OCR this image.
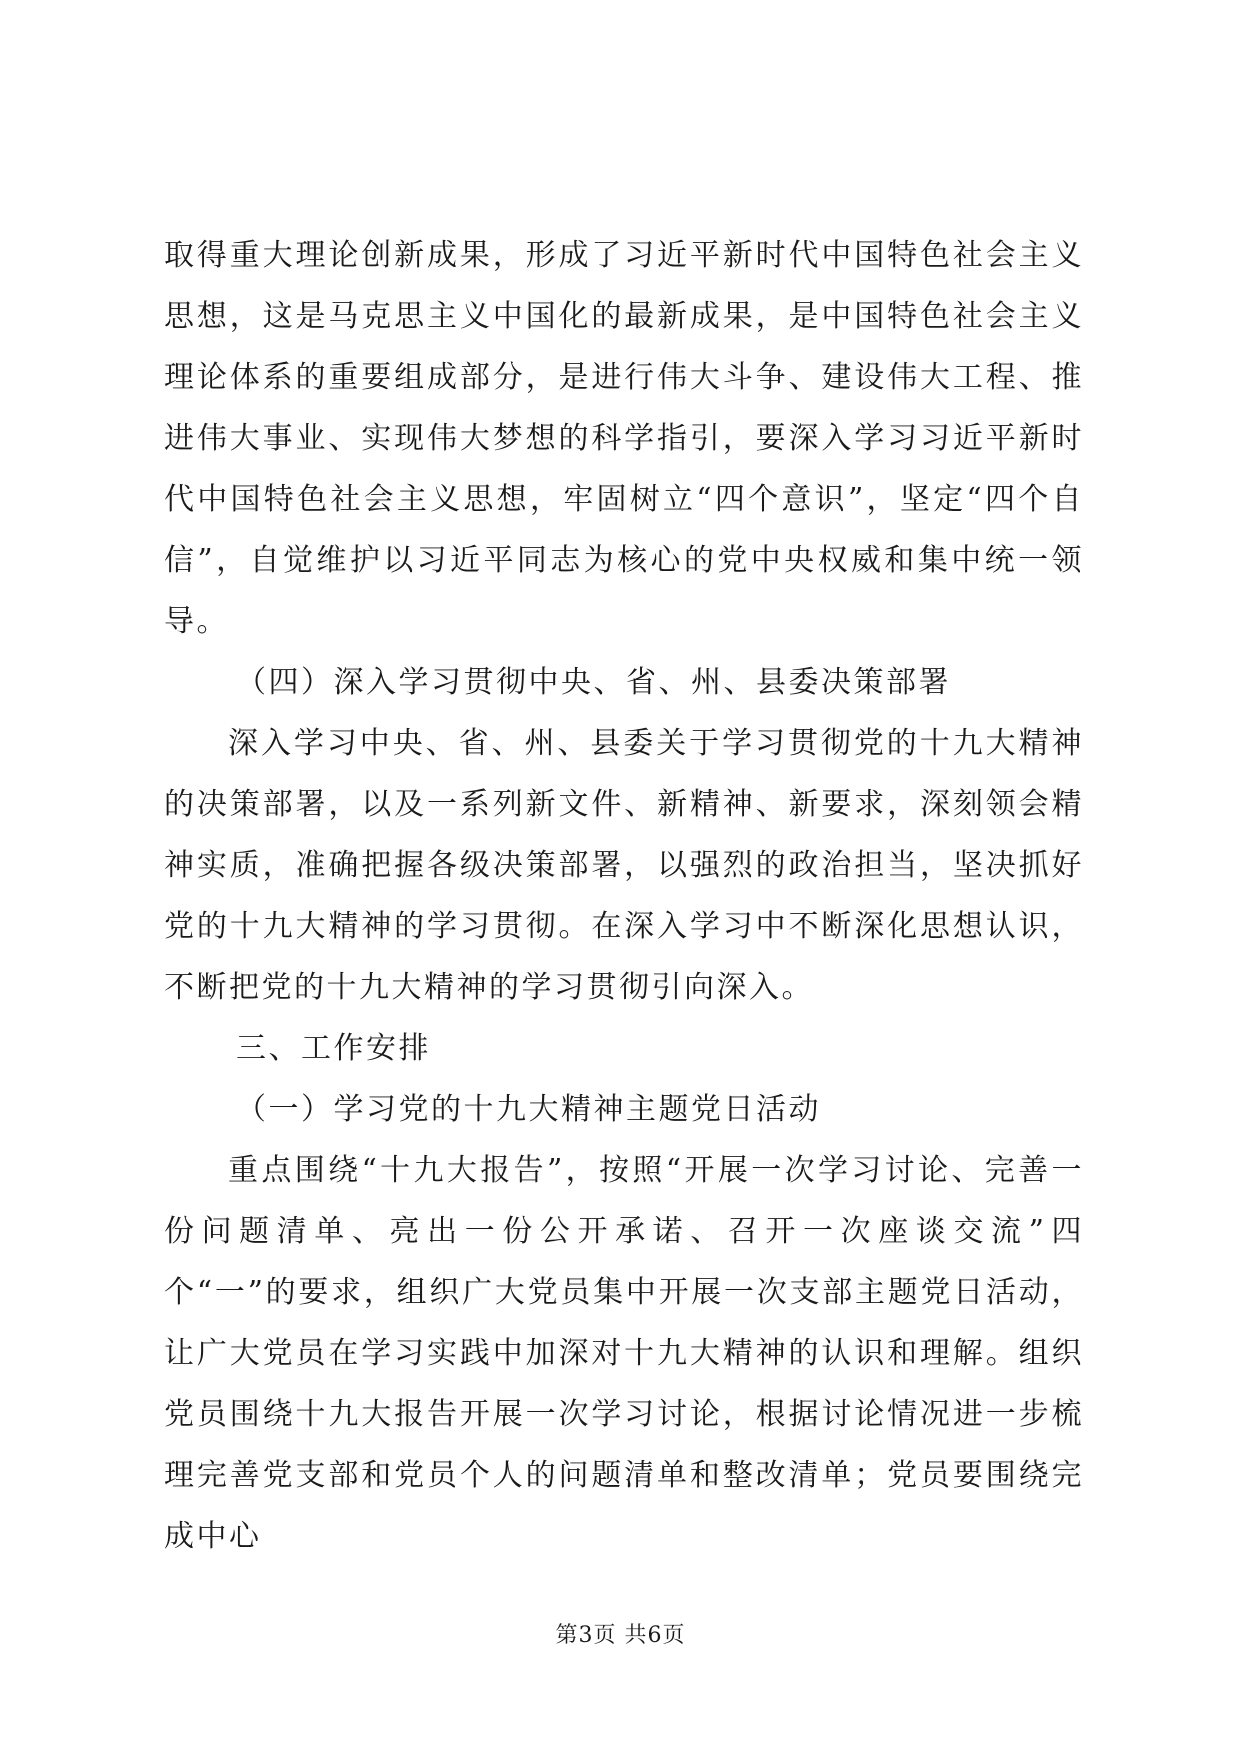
取得重大理论创新成果，形成了习近平新时代中国特色社会主义思想，这是马克思主义中国化的最新成果，是中国特色社会主义理论体系的重要组成部分，是进行伟大斗争、建设伟大工程、推进伟大事业、实现伟大梦想的科学指引，要深入学习习近平新时代中国特色社会主义思想，牢固树立“四个意识”，坚定“四个自信”，自觉维护以习近平同志为核心的党中央权威和集中统一领导。

（四）深入学习贯彻中央、省、州、县委决策部署

深入学习中央、省、州、县委关于学习贯彻党的十九大精神的决策部署，以及一系列新文件、新精神、新要求，深刻领会精神实质，准确把握各级决策部署，以强烈的政治担当，坚决抓好党的十九大精神的学习贯彻。在深入学习中不断深化思想认识，不断把党的十九大精神的学习贯彻引向深入。

三、工作安排

（一）学习党的十九大精神主题党日活动

重点围绕“十九大报告”，按照“开展一次学习讨论、完善一份问题清单、亮出一份公开承诺、召开一次座谈交流”四个“一”的要求，组织广大党员集中开展一次支部主题党日活动，让广大党员在学习实践中加深对十九大精神的认识和理解。组织党员围绕十九大报告开展一次学习讨论，根据讨论情况进一步梳理完善党支部和党员个人的问题清单和整改清单；党员要围绕完成中心

第3页 共6页
